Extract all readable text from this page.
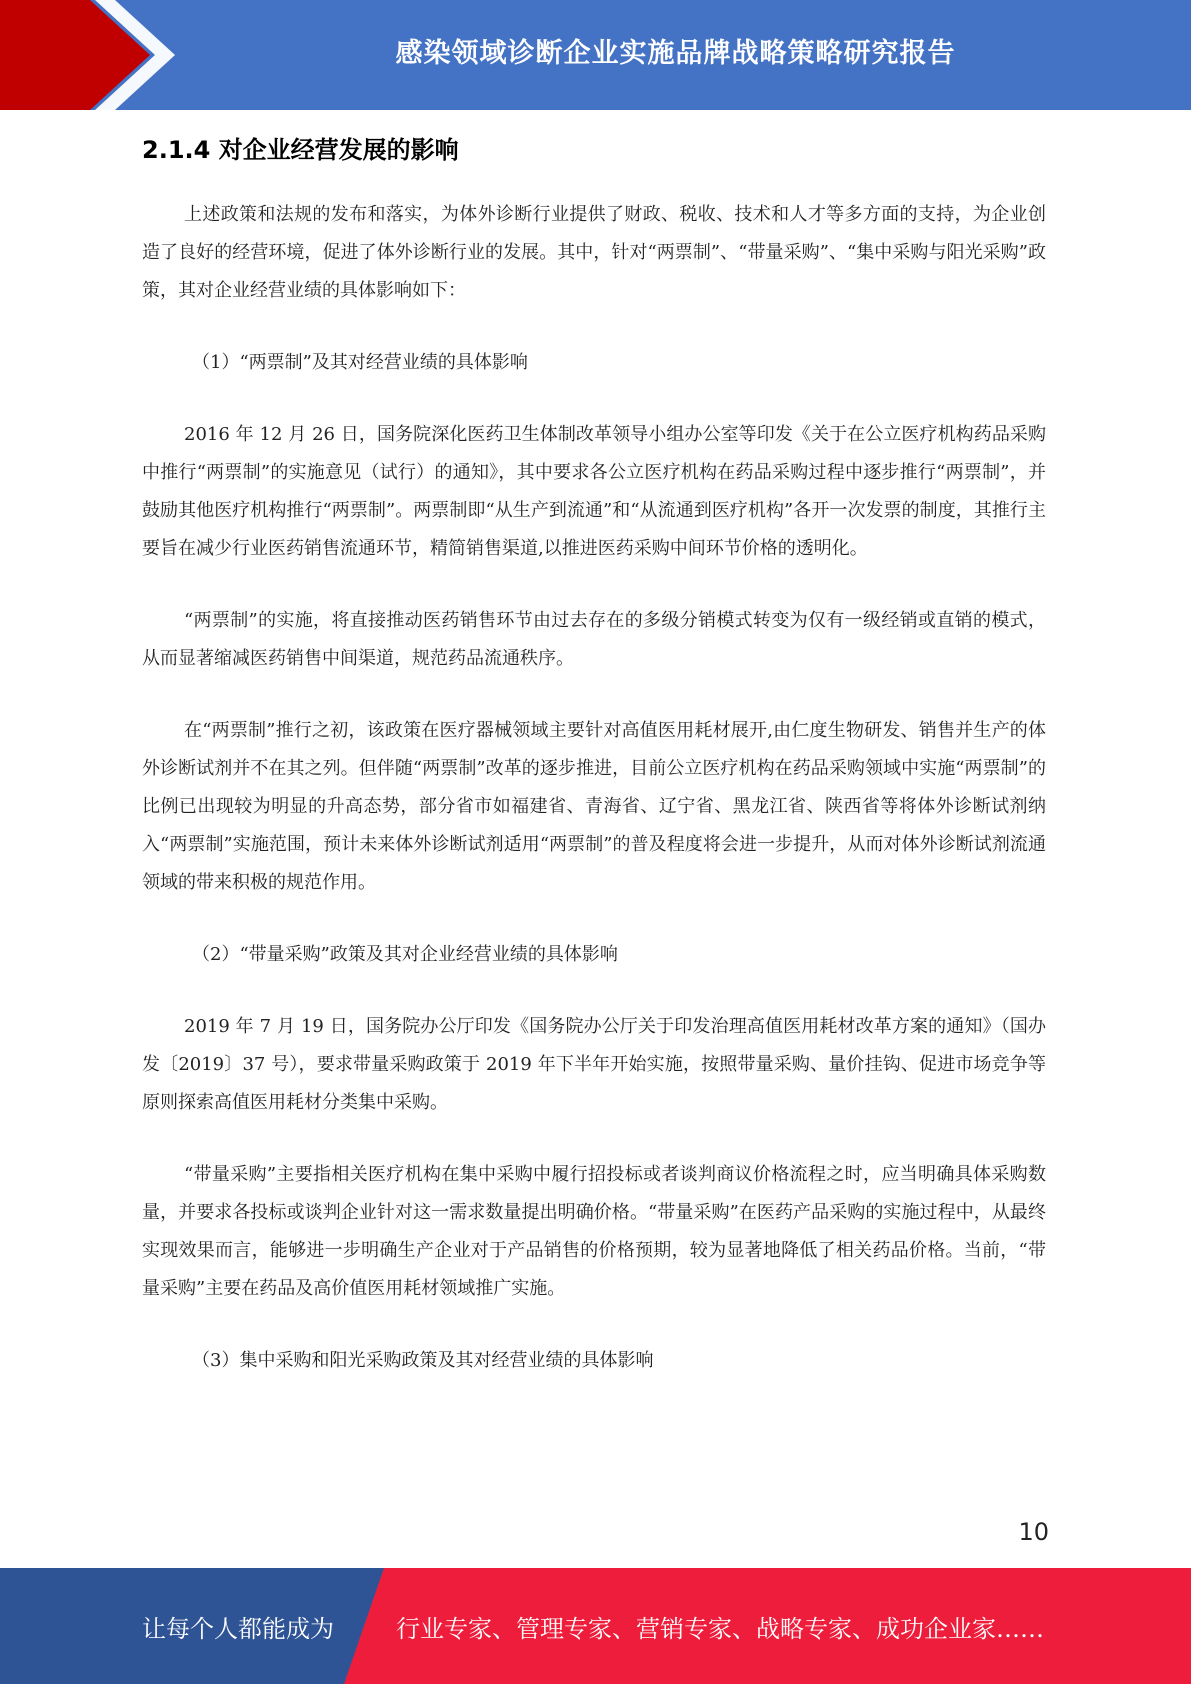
感染领域诊断企业实施品牌战略策略研究报告
2.1.4 对企业经营发展的影响

上述政策和法规的发布和落实，为体外诊断行业提供了财政、税收、技术和人才等多方面的支持，为企业创造了良好的经营环境，促进了体外诊断行业的发展。其中，针对“两票制”、“带量采购”、“集中采购与阳光采购”政策，其对企业经营业绩的具体影响如下：

（1）“两票制”及其对经营业绩的具体影响

2016 年 12 月 26 日，国务院深化医药卫生体制改革领导小组办公室等印发《关于在公立医疗机构药品采购中推行“两票制”的实施意见（试行）的通知》，其中要求各公立医疗机构在药品采购过程中逐步推行“两票制”，并鼓励其他医疗机构推行“两票制”。两票制即“从生产到流通”和“从流通到医疗机构”各开一次发票的制度，其推行主要旨在减少行业医药销售流通环节，精简销售渠道,以推进医药采购中间环节价格的透明化。

“两票制”的实施，将直接推动医药销售环节由过去存在的多级分销模式转变为仅有一级经销或直销的模式，从而显著缩减医药销售中间渠道，规范药品流通秩序。

在“两票制”推行之初，该政策在医疗器械领域主要针对高值医用耗材展开,由仁度生物研发、销售并生产的体外诊断试剂并不在其之列。但伴随“两票制”改革的逐步推进，目前公立医疗机构在药品采购领域中实施“两票制”的比例已出现较为明显的升高态势，部分省市如福建省、青海省、辽宁省、黑龙江省、陕西省等将体外诊断试剂纳入“两票制”实施范围，预计未来体外诊断试剂适用“两票制”的普及程度将会进一步提升，从而对体外诊断试剂流通领域的带来积极的规范作用。

（2）“带量采购”政策及其对企业经营业绩的具体影响

2019 年 7 月 19 日，国务院办公厅印发《国务院办公厅关于印发治理高值医用耗材改革方案的通知》（国办发〔2019〕37 号），要求带量采购政策于 2019 年下半年开始实施，按照带量采购、量价挂钩、促进市场竞争等原则探索高值医用耗材分类集中采购。

“带量采购”主要指相关医疗机构在集中采购中履行招投标或者谈判商议价格流程之时，应当明确具体采购数量，并要求各投标或谈判企业针对这一需求数量提出明确价格。“带量采购”在医药产品采购的实施过程中，从最终实现效果而言，能够进一步明确生产企业对于产品销售的价格预期，较为显著地降低了相关药品价格。当前，“带量采购”主要在药品及高价值医用耗材领域推广实施。

（3）集中采购和阳光采购政策及其对经营业绩的具体影响

10
让每个人都能成为	行业专家、管理专家、营销专家、战略专家、成功企业家……
